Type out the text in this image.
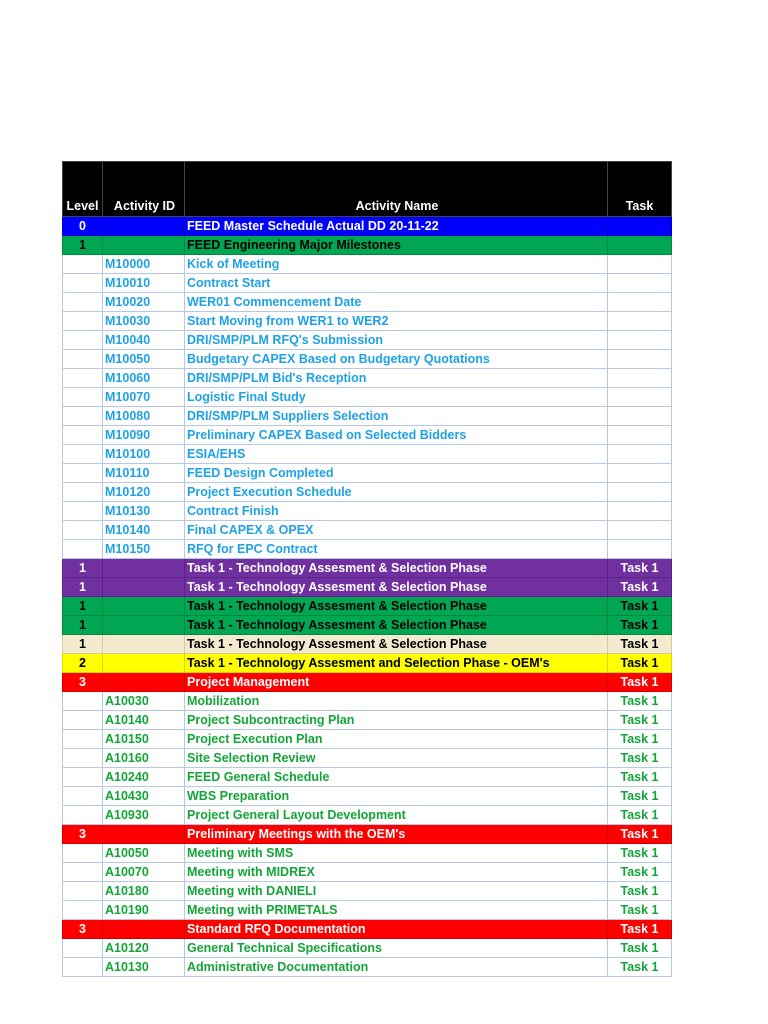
Level	Activity ID	Activity Name	Task
0		FEED Master Schedule Actual DD 20-11-22	
1		FEED Engineering Major Milestones	
	M10000	Kick of Meeting	
	M10010	Contract Start	
	M10020	WER01 Commencement Date	
	M10030	Start Moving from WER1 to WER2	
	M10040	DRI/SMP/PLM RFQ's Submission	
	M10050	Budgetary CAPEX Based on Budgetary Quotations	
	M10060	DRI/SMP/PLM Bid's Reception	
	M10070	Logistic Final Study	
	M10080	DRI/SMP/PLM Suppliers Selection	
	M10090	Preliminary CAPEX Based on Selected Bidders	
	M10100	ESIA/EHS	
	M10110	FEED Design Completed	
	M10120	Project Execution Schedule	
	M10130	Contract Finish	
	M10140	Final CAPEX & OPEX	
	M10150	RFQ for EPC Contract	
1		Task 1 - Technology Assesment & Selection Phase	Task 1
1		Task 1 - Technology Assesment & Selection Phase	Task 1
1		Task 1 - Technology Assesment & Selection Phase	Task 1
1		Task 1 - Technology Assesment & Selection Phase	Task 1
1		Task 1 - Technology Assesment & Selection Phase	Task 1
2		Task 1 - Technology Assesment and Selection Phase - OEM's	Task 1
3		Project Management	Task 1
	A10030	Mobilization	Task 1
	A10140	Project Subcontracting Plan	Task 1
	A10150	Project Execution Plan	Task 1
	A10160	Site Selection Review	Task 1
	A10240	FEED General Schedule	Task 1
	A10430	WBS Preparation	Task 1
	A10930	Project General Layout Development	Task 1
3		Preliminary Meetings with the OEM's	Task 1
	A10050	Meeting with SMS	Task 1
	A10070	Meeting with MIDREX	Task 1
	A10180	Meeting with DANIELI	Task 1
	A10190	Meeting with PRIMETALS	Task 1
3		Standard RFQ Documentation	Task 1
	A10120	General Technical Specifications	Task 1
	A10130	Administrative Documentation	Task 1
